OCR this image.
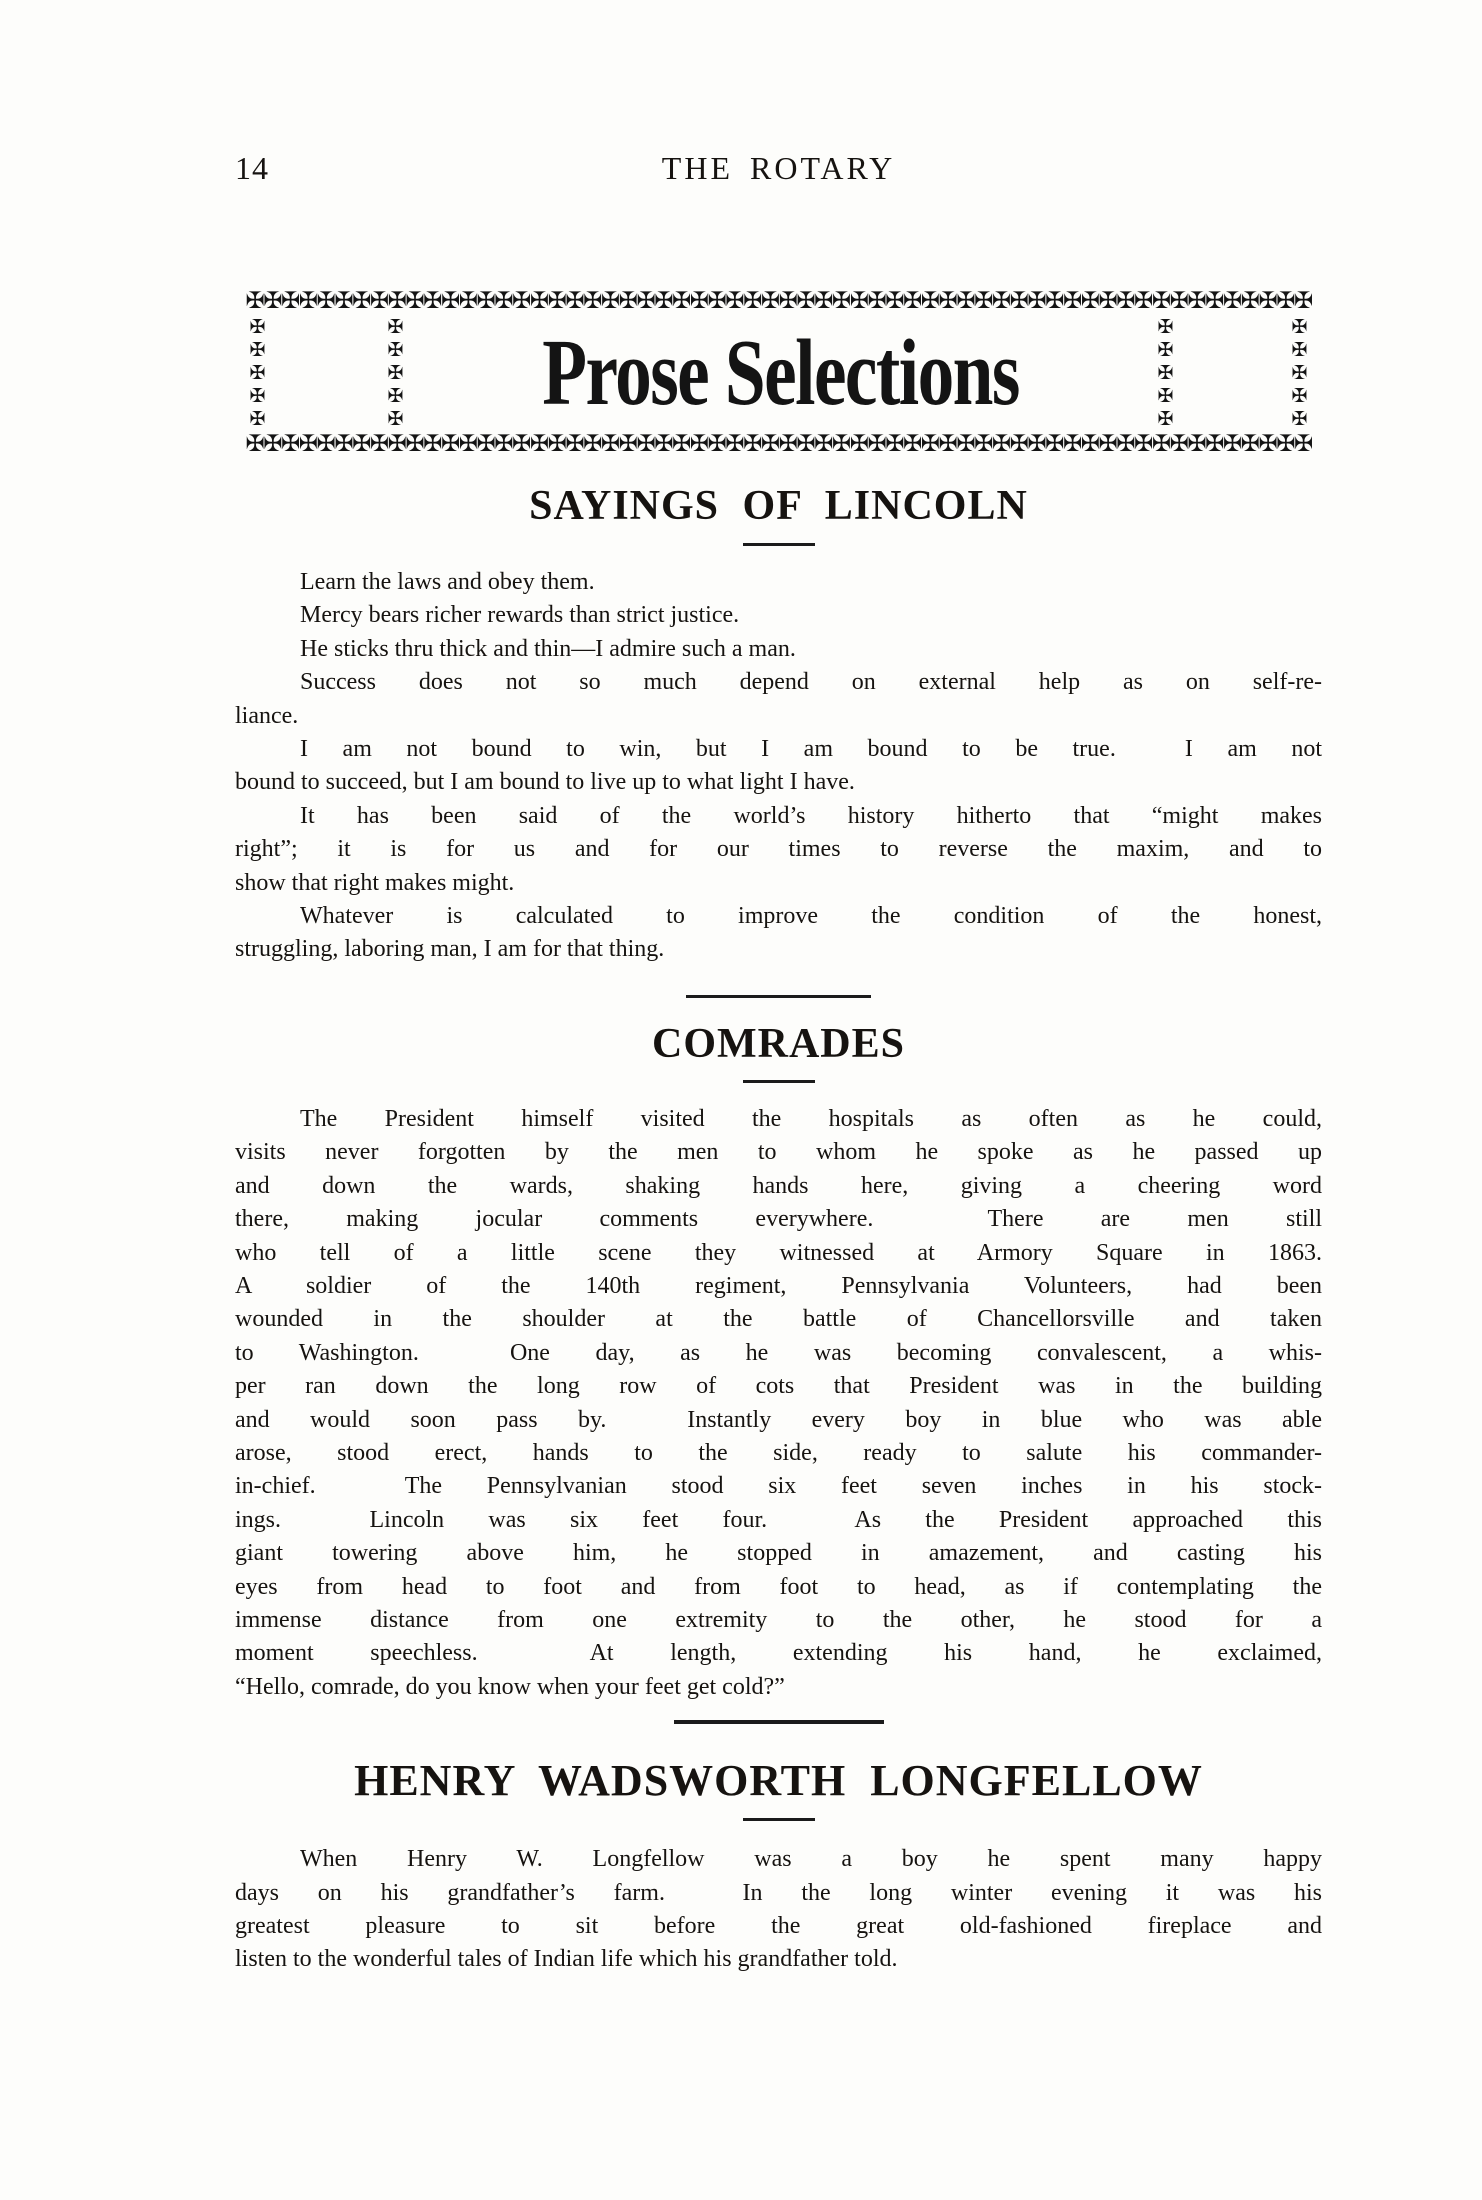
14	THE ROTARY
✠✠✠✠✠✠✠✠✠✠✠✠✠✠✠✠✠✠✠✠✠✠✠✠✠✠✠✠✠✠✠✠✠✠✠✠✠✠✠✠✠✠✠✠✠✠✠✠✠✠✠✠✠✠✠✠✠✠✠✠
✠
✠
✠
✠
✠
✠
✠
✠
✠
✠ Prose Selections	✠
✠
✠
✠
✠
✠
✠
✠
✠
✠
✠✠✠✠✠✠✠✠✠✠✠✠✠✠✠✠✠✠✠✠✠✠✠✠✠✠✠✠✠✠✠✠✠✠✠✠✠✠✠✠✠✠✠✠✠✠✠✠✠✠✠✠✠✠✠✠✠✠✠✠
SAYINGS OF LINCOLN
Learn the laws and obey them.
Mercy bears richer rewards than strict justice.
He sticks thru thick and thin—I admire such a man.
Success does not so much depend on external help as on self-re-
liance.
I am not bound to win, but I am bound to be true.  I am not
bound to succeed, but I am bound to live up to what light I have.
It has been said of the world’s history hitherto that “might makes
right”; it is for us and for our times to reverse the maxim, and to
show that right makes might.
Whatever is calculated to improve the condition of the honest,
struggling, laboring man, I am for that thing.
COMRADES
The President himself visited the hospitals as often as he could,
visits never forgotten by the men to whom he spoke as he passed up
and down the wards, shaking hands here, giving a cheering word
there, making jocular comments everywhere.  There are men still
who tell of a little scene they witnessed at Armory Square in 1863.
A soldier of the 140th regiment, Pennsylvania Volunteers, had been
wounded in the shoulder at the battle of Chancellorsville and taken
to Washington.  One day, as he was becoming convalescent, a whis-
per ran down the long row of cots that President was in the building
and would soon pass by.  Instantly every boy in blue who was able
arose, stood erect, hands to the side, ready to salute his commander-
in-chief.  The Pennsylvanian stood six feet seven inches in his stock-
ings.  Lincoln was six feet four.  As the President approached this
giant towering above him, he stopped in amazement, and casting his
eyes from head to foot and from foot to head, as if contemplating the
immense distance from one extremity to the other, he stood for a
moment speechless.  At length, extending his hand, he exclaimed,
“Hello, comrade, do you know when your feet get cold?”
HENRY WADSWORTH LONGFELLOW
When Henry W. Longfellow was a boy he spent many happy
days on his grandfather’s farm.  In the long winter evening it was his
greatest pleasure to sit before the great old-fashioned fireplace and
listen to the wonderful tales of Indian life which his grandfather told.
